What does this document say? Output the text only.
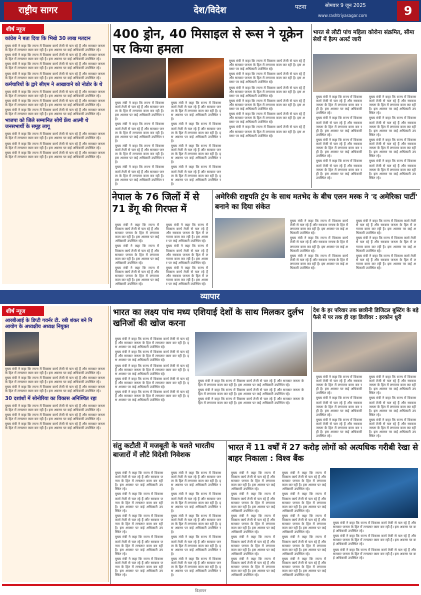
राष्ट्रीय सागर	देश/विदेश	पटना	सोमवार 9 जून 2025
www.rashtriyasagar.com	9
शीर्ष न्यूज
कांग्रेस ने बता दिया कि भिखे 30 लाख मतदान
मुख्य मंत्री ने कहा कि राज्य में विकास कार्य तेजी से चल रहे हैं और सरकार जनता के हित में लगातार काम कर रही है। इस अवसर पर कई अधिकारी उपस्थित रहे।
मुख्य मंत्री ने कहा कि राज्य में विकास कार्य तेजी से चल रहे हैं और सरकार जनता के हित में लगातार काम कर रही है। इस अवसर पर कई अधिकारी उपस्थित रहे।
मुख्य मंत्री ने कहा कि राज्य में विकास कार्य तेजी से चल रहे हैं और सरकार जनता के हित में लगातार काम कर रही है। इस अवसर पर कई अधिकारी उपस्थित रहे।
मुख्य मंत्री ने कहा कि राज्य में विकास कार्य तेजी से चल रहे हैं और सरकार जनता के हित में लगातार काम कर रही है। इस अवसर पर कई अधिकारी उपस्थित रहे।
कर्मचारियों के द्वारे सीएम ने आखावाने को नोडोर के थे
मुख्य मंत्री ने कहा कि राज्य में विकास कार्य तेजी से चल रहे हैं और सरकार जनता के हित में लगातार काम कर रही है। इस अवसर पर कई अधिकारी उपस्थित रहे।
मुख्य मंत्री ने कहा कि राज्य में विकास कार्य तेजी से चल रहे हैं और सरकार जनता के हित में लगातार काम कर रही है। इस अवसर पर कई अधिकारी उपस्थित रहे।
मुख्य मंत्री ने कहा कि राज्य में विकास कार्य तेजी से चल रहे हैं और सरकार जनता के हित में लगातार काम कर रही है। इस अवसर पर कई अधिकारी उपस्थित रहे।
भाजपा को जिले सम्मानित सोचें फ्रेंच आत्मी थे जनसभार्थी के समूह लागू
मुख्य मंत्री ने कहा कि राज्य में विकास कार्य तेजी से चल रहे हैं और सरकार जनता के हित में लगातार काम कर रही है। इस अवसर पर कई अधिकारी उपस्थित रहे।
मुख्य मंत्री ने कहा कि राज्य में विकास कार्य तेजी से चल रहे हैं और सरकार जनता के हित में लगातार काम कर रही है। इस अवसर पर कई अधिकारी उपस्थित रहे।
मुख्य मंत्री ने कहा कि राज्य में विकास कार्य तेजी से चल रहे हैं और सरकार जनता के हित में लगातार काम कर रही है। इस अवसर पर कई अधिकारी उपस्थित रहे।
400 ड्रोन, 40 मिसाइल से रूस ने यूक्रेन पर किया हमला
मुख्य मंत्री ने कहा कि राज्य में विकास कार्य तेजी से चल रहे हैं और सरकार जनता के हित में लगातार काम कर रही है। इस अवसर पर कई अधिकारी उपस्थित रहे।
मुख्य मंत्री ने कहा कि राज्य में विकास कार्य तेजी से चल रहे हैं और सरकार जनता के हित में लगातार काम कर रही है। इस अवसर पर कई अधिकारी उपस्थित रहे।
मुख्य मंत्री ने कहा कि राज्य में विकास कार्य तेजी से चल रहे हैं और सरकार जनता के हित में लगातार काम कर रही है। इस अवसर पर कई अधिकारी उपस्थित रहे।
मुख्य मंत्री ने कहा कि राज्य में विकास कार्य तेजी से चल रहे हैं और सरकार जनता के हित में लगातार काम कर रही है। इस अवसर पर कई अधिकारी उपस्थित रहे।
मुख्य मंत्री ने कहा कि राज्य में विकास कार्य तेजी से चल रहे हैं और सरकार जनता के हित में लगातार काम कर रही है। इस अवसर पर कई अधिकारी उपस्थित रहे।
मुख्य मंत्री ने कहा कि राज्य में विकास कार्य तेजी से चल रहे हैं और सरकार जनता के हित में लगातार काम कर रही है। इस अवसर पर कई अधिकारी उपस्थित रहे।
मुख्य मंत्री ने कहा कि राज्य में विकास कार्य तेजी से चल रहे हैं और सरकार जनता के हित में लगातार काम कर रही है। इस अवसर पर कई अधिकारी उपस्थित रहे।
मुख्य मंत्री ने कहा कि राज्य में विकास कार्य तेजी से चल रहे हैं और सरकार जनता के हित में लगातार काम कर रही है। इस अवसर पर कई अधिकारी उपस्थित रहे।
मुख्य मंत्री ने कहा कि राज्य में विकास कार्य तेजी से चल रहे हैं और सरकार जनता के हित में लगातार काम कर रही है। इस अवसर पर कई अधिकारी उपस्थित रहे।
मुख्य मंत्री ने कहा कि राज्य में विकास कार्य तेजी से चल रहे हैं और सरकार जनता के हित में लगातार काम कर रही है। इस अवसर पर कई अधिकारी उपस्थित रहे।
मुख्य मंत्री ने कहा कि राज्य में विकास कार्य तेजी से चल रहे हैं और सरकार जनता के हित में लगातार काम कर रही है। इस अवसर पर कई अधिकारी उपस्थित रहे।
मुख्य मंत्री ने कहा कि राज्य में विकास कार्य तेजी से चल रहे हैं और सरकार जनता के हित में लगातार काम कर रही है। इस अवसर पर कई अधिकारी उपस्थित रहे।
मुख्य मंत्री ने कहा कि राज्य में विकास कार्य तेजी से चल रहे हैं और सरकार जनता के हित में लगातार काम कर रही है। इस अवसर पर कई अधिकारी उपस्थित रहे।
मुख्य मंत्री ने कहा कि राज्य में विकास कार्य तेजी से चल रहे हैं और सरकार जनता के हित में लगातार काम कर रही है। इस अवसर पर कई अधिकारी उपस्थित रहे।
भारत से लौटी पांच महिला कोरोना संक्रमित, सीमा सेवों में हैल्प अलर्ट जारी
मुख्य मंत्री ने कहा कि राज्य में विकास कार्य तेजी से चल रहे हैं और सरकार जनता के हित में लगातार काम कर रही है। इस अवसर पर कई अधिकारी उपस्थित रहे।
मुख्य मंत्री ने कहा कि राज्य में विकास कार्य तेजी से चल रहे हैं और सरकार जनता के हित में लगातार काम कर रही है। इस अवसर पर कई अधिकारी उपस्थित रहे।
मुख्य मंत्री ने कहा कि राज्य में विकास कार्य तेजी से चल रहे हैं और सरकार जनता के हित में लगातार काम कर रही है। इस अवसर पर कई अधिकारी उपस्थित रहे।
मुख्य मंत्री ने कहा कि राज्य में विकास कार्य तेजी से चल रहे हैं और सरकार जनता के हित में लगातार काम कर रही है। इस अवसर पर कई अधिकारी उपस्थित रहे।
मुख्य मंत्री ने कहा कि राज्य में विकास कार्य तेजी से चल रहे हैं और सरकार जनता के हित में लगातार काम कर रही है। इस अवसर पर कई अधिकारी उपस्थित रहे।
मुख्य मंत्री ने कहा कि राज्य में विकास कार्य तेजी से चल रहे हैं और सरकार जनता के हित में लगातार काम कर रही है। इस अवसर पर कई अधिकारी उपस्थित रहे।
मुख्य मंत्री ने कहा कि राज्य में विकास कार्य तेजी से चल रहे हैं और सरकार जनता के हित में लगातार काम कर रही है। इस अवसर पर कई अधिकारी उपस्थित रहे।
मुख्य मंत्री ने कहा कि राज्य में विकास कार्य तेजी से चल रहे हैं और सरकार जनता के हित में लगातार काम कर रही है। इस अवसर पर कई अधिकारी उपस्थित रहे।
नेपाल के 76 जिलों में से 71 डेंगू की गिरफ्त में
मुख्य मंत्री ने कहा कि राज्य में विकास कार्य तेजी से चल रहे हैं और सरकार जनता के हित में लगातार काम कर रही है। इस अवसर पर कई अधिकारी उपस्थित रहे।
मुख्य मंत्री ने कहा कि राज्य में विकास कार्य तेजी से चल रहे हैं और सरकार जनता के हित में लगातार काम कर रही है। इस अवसर पर कई अधिकारी उपस्थित रहे।
मुख्य मंत्री ने कहा कि राज्य में विकास कार्य तेजी से चल रहे हैं और सरकार जनता के हित में लगातार काम कर रही है। इस अवसर पर कई अधिकारी उपस्थित रहे।
मुख्य मंत्री ने कहा कि राज्य में विकास कार्य तेजी से चल रहे हैं और सरकार जनता के हित में लगातार काम कर रही है। इस अवसर पर कई अधिकारी उपस्थित रहे।
मुख्य मंत्री ने कहा कि राज्य में विकास कार्य तेजी से चल रहे हैं और सरकार जनता के हित में लगातार काम कर रही है। इस अवसर पर कई अधिकारी उपस्थित रहे।
मुख्य मंत्री ने कहा कि राज्य में विकास कार्य तेजी से चल रहे हैं और सरकार जनता के हित में लगातार काम कर रही है। इस अवसर पर कई अधिकारी उपस्थित रहे।
अमेरिकी राष्ट्रपति ट्रंप के साथ मतभेद के बीच एलन मस्क ने 'द अमेरिका पार्टी' बनाने का दिया संकेत
मुख्य मंत्री ने कहा कि राज्य में विकास कार्य तेजी से चल रहे हैं और सरकार जनता के हित में लगातार काम कर रही है। इस अवसर पर कई अधिकारी उपस्थित रहे।
मुख्य मंत्री ने कहा कि राज्य में विकास कार्य तेजी से चल रहे हैं और सरकार जनता के हित में लगातार काम कर रही है। इस अवसर पर कई अधिकारी उपस्थित रहे।
मुख्य मंत्री ने कहा कि राज्य में विकास कार्य तेजी से चल रहे हैं और सरकार जनता के हित में लगातार काम कर रही है। इस अवसर पर कई अधिकारी उपस्थित रहे।
मुख्य मंत्री ने कहा कि राज्य में विकास कार्य तेजी से चल रहे हैं और सरकार जनता के हित में लगातार काम कर रही है। इस अवसर पर कई अधिकारी उपस्थित रहे।
मुख्य मंत्री ने कहा कि राज्य में विकास कार्य तेजी से चल रहे हैं और सरकार जनता के हित में लगातार काम कर रही है। इस अवसर पर कई अधिकारी उपस्थित रहे।
मुख्य मंत्री ने कहा कि राज्य में विकास कार्य तेजी से चल रहे हैं और सरकार जनता के हित में लगातार काम कर रही है। इस अवसर पर कई अधिकारी उपस्थित रहे।
व्यापार
शीर्ष न्यूज
आरबीआई के डिप्टी गवर्नर टी. रबी शंकर बने नि आयोग के अध्यक्षीय अध्यक्ष नियुक्त
मुख्य मंत्री ने कहा कि राज्य में विकास कार्य तेजी से चल रहे हैं और सरकार जनता के हित में लगातार काम कर रही है। इस अवसर पर कई अधिकारी उपस्थित रहे।
मुख्य मंत्री ने कहा कि राज्य में विकास कार्य तेजी से चल रहे हैं और सरकार जनता के हित में लगातार काम कर रही है। इस अवसर पर कई अधिकारी उपस्थित रहे।
मुख्य मंत्री ने कहा कि राज्य में विकास कार्य तेजी से चल रहे हैं और सरकार जनता के हित में लगातार काम कर रही है। इस अवसर पर कई अधिकारी उपस्थित रहे।
30 दशांशों में सोनोरिया का विकास अनिश्चित रहा
मुख्य मंत्री ने कहा कि राज्य में विकास कार्य तेजी से चल रहे हैं और सरकार जनता के हित में लगातार काम कर रही है। इस अवसर पर कई अधिकारी उपस्थित रहे।
मुख्य मंत्री ने कहा कि राज्य में विकास कार्य तेजी से चल रहे हैं और सरकार जनता के हित में लगातार काम कर रही है। इस अवसर पर कई अधिकारी उपस्थित रहे।
मुख्य मंत्री ने कहा कि राज्य में विकास कार्य तेजी से चल रहे हैं और सरकार जनता के हित में लगातार काम कर रही है। इस अवसर पर कई अधिकारी उपस्थित रहे।
भारत का लक्ष्य पांच मध्य एशियाई देशों के साथ मिलकर दुर्लभ खनिजों की खोज करना
मुख्य मंत्री ने कहा कि राज्य में विकास कार्य तेजी से चल रहे हैं और सरकार जनता के हित में लगातार काम कर रही है। इस अवसर पर कई अधिकारी उपस्थित रहे।
मुख्य मंत्री ने कहा कि राज्य में विकास कार्य तेजी से चल रहे हैं और सरकार जनता के हित में लगातार काम कर रही है। इस अवसर पर कई अधिकारी उपस्थित रहे।
मुख्य मंत्री ने कहा कि राज्य में विकास कार्य तेजी से चल रहे हैं और सरकार जनता के हित में लगातार काम कर रही है। इस अवसर पर कई अधिकारी उपस्थित रहे।
मुख्य मंत्री ने कहा कि राज्य में विकास कार्य तेजी से चल रहे हैं और सरकार जनता के हित में लगातार काम कर रही है। इस अवसर पर कई अधिकारी उपस्थित रहे।
मुख्य मंत्री ने कहा कि राज्य में विकास कार्य तेजी से चल रहे हैं और सरकार जनता के हित में लगातार काम कर रही है। इस अवसर पर कई अधिकारी उपस्थित रहे।
मुख्य मंत्री ने कहा कि राज्य में विकास कार्य तेजी से चल रहे हैं और सरकार जनता के हित में लगातार काम कर रही है। इस अवसर पर कई अधिकारी उपस्थित रहे।
मुख्य मंत्री ने कहा कि राज्य में विकास कार्य तेजी से चल रहे हैं और सरकार जनता के हित में लगातार काम कर रही है। इस अवसर पर कई अधिकारी उपस्थित रहे।
मुख्य मंत्री ने कहा कि राज्य में विकास कार्य तेजी से चल रहे हैं और सरकार जनता के हित में लगातार काम कर रही है। इस अवसर पर कई अधिकारी उपस्थित रहे।
देश के हर परिवार तक छात्रीनी डिजिटल बूस्टिंग के बड़े फैसे में पर तक ही रहा डिजीवर : इरकोन धुरी
मुख्य मंत्री ने कहा कि राज्य में विकास कार्य तेजी से चल रहे हैं और सरकार जनता के हित में लगातार काम कर रही है। इस अवसर पर कई अधिकारी उपस्थित रहे।
मुख्य मंत्री ने कहा कि राज्य में विकास कार्य तेजी से चल रहे हैं और सरकार जनता के हित में लगातार काम कर रही है। इस अवसर पर कई अधिकारी उपस्थित रहे।
मुख्य मंत्री ने कहा कि राज्य में विकास कार्य तेजी से चल रहे हैं और सरकार जनता के हित में लगातार काम कर रही है। इस अवसर पर कई अधिकारी उपस्थित रहे।
मुख्य मंत्री ने कहा कि राज्य में विकास कार्य तेजी से चल रहे हैं और सरकार जनता के हित में लगातार काम कर रही है। इस अवसर पर कई अधिकारी उपस्थित रहे।
मुख्य मंत्री ने कहा कि राज्य में विकास कार्य तेजी से चल रहे हैं और सरकार जनता के हित में लगातार काम कर रही है। इस अवसर पर कई अधिकारी उपस्थित रहे।
मुख्य मंत्री ने कहा कि राज्य में विकास कार्य तेजी से चल रहे हैं और सरकार जनता के हित में लगातार काम कर रही है। इस अवसर पर कई अधिकारी उपस्थित रहे।
संतु कटौती में मजबूती के चलते भारतीय बाजारों में लौटे विदेशी निवेशक
मुख्य मंत्री ने कहा कि राज्य में विकास कार्य तेजी से चल रहे हैं और सरकार जनता के हित में लगातार काम कर रही है। इस अवसर पर कई अधिकारी उपस्थित रहे।
मुख्य मंत्री ने कहा कि राज्य में विकास कार्य तेजी से चल रहे हैं और सरकार जनता के हित में लगातार काम कर रही है। इस अवसर पर कई अधिकारी उपस्थित रहे।
मुख्य मंत्री ने कहा कि राज्य में विकास कार्य तेजी से चल रहे हैं और सरकार जनता के हित में लगातार काम कर रही है। इस अवसर पर कई अधिकारी उपस्थित रहे।
मुख्य मंत्री ने कहा कि राज्य में विकास कार्य तेजी से चल रहे हैं और सरकार जनता के हित में लगातार काम कर रही है। इस अवसर पर कई अधिकारी उपस्थित रहे।
मुख्य मंत्री ने कहा कि राज्य में विकास कार्य तेजी से चल रहे हैं और सरकार जनता के हित में लगातार काम कर रही है। इस अवसर पर कई अधिकारी उपस्थित रहे।
मुख्य मंत्री ने कहा कि राज्य में विकास कार्य तेजी से चल रहे हैं और सरकार जनता के हित में लगातार काम कर रही है। इस अवसर पर कई अधिकारी उपस्थित रहे।
मुख्य मंत्री ने कहा कि राज्य में विकास कार्य तेजी से चल रहे हैं और सरकार जनता के हित में लगातार काम कर रही है। इस अवसर पर कई अधिकारी उपस्थित रहे।
मुख्य मंत्री ने कहा कि राज्य में विकास कार्य तेजी से चल रहे हैं और सरकार जनता के हित में लगातार काम कर रही है। इस अवसर पर कई अधिकारी उपस्थित रहे।
मुख्य मंत्री ने कहा कि राज्य में विकास कार्य तेजी से चल रहे हैं और सरकार जनता के हित में लगातार काम कर रही है। इस अवसर पर कई अधिकारी उपस्थित रहे।
मुख्य मंत्री ने कहा कि राज्य में विकास कार्य तेजी से चल रहे हैं और सरकार जनता के हित में लगातार काम कर रही है। इस अवसर पर कई अधिकारी उपस्थित रहे।
भारत में 11 वर्षों में 27 करोड़ लोगों को अत्यधिक गरीबी रेखा से बाहर निकाला : विश्व बैंक
मुख्य मंत्री ने कहा कि राज्य में विकास कार्य तेजी से चल रहे हैं और सरकार जनता के हित में लगातार काम कर रही है। इस अवसर पर कई अधिकारी उपस्थित रहे।
मुख्य मंत्री ने कहा कि राज्य में विकास कार्य तेजी से चल रहे हैं और सरकार जनता के हित में लगातार काम कर रही है। इस अवसर पर कई अधिकारी उपस्थित रहे।
मुख्य मंत्री ने कहा कि राज्य में विकास कार्य तेजी से चल रहे हैं और सरकार जनता के हित में लगातार काम कर रही है। इस अवसर पर कई अधिकारी उपस्थित रहे।
मुख्य मंत्री ने कहा कि राज्य में विकास कार्य तेजी से चल रहे हैं और सरकार जनता के हित में लगातार काम कर रही है। इस अवसर पर कई अधिकारी उपस्थित रहे।
मुख्य मंत्री ने कहा कि राज्य में विकास कार्य तेजी से चल रहे हैं और सरकार जनता के हित में लगातार काम कर रही है। इस अवसर पर कई अधिकारी उपस्थित रहे।
मुख्य मंत्री ने कहा कि राज्य में विकास कार्य तेजी से चल रहे हैं और सरकार जनता के हित में लगातार काम कर रही है। इस अवसर पर कई अधिकारी उपस्थित रहे।
मुख्य मंत्री ने कहा कि राज्य में विकास कार्य तेजी से चल रहे हैं और सरकार जनता के हित में लगातार काम कर रही है। इस अवसर पर कई अधिकारी उपस्थित रहे।
मुख्य मंत्री ने कहा कि राज्य में विकास कार्य तेजी से चल रहे हैं और सरकार जनता के हित में लगातार काम कर रही है। इस अवसर पर कई अधिकारी उपस्थित रहे।
मुख्य मंत्री ने कहा कि राज्य में विकास कार्य तेजी से चल रहे हैं और सरकार जनता के हित में लगातार काम कर रही है। इस अवसर पर कई अधिकारी उपस्थित रहे।
मुख्य मंत्री ने कहा कि राज्य में विकास कार्य तेजी से चल रहे हैं और सरकार जनता के हित में लगातार काम कर रही है। इस अवसर पर कई अधिकारी उपस्थित रहे।
मुख्य मंत्री ने कहा कि राज्य में विकास कार्य तेजी से चल रहे हैं और सरकार जनता के हित में लगातार काम कर रही है। इस अवसर पर कई अधिकारी उपस्थित रहे।
मुख्य मंत्री ने कहा कि राज्य में विकास कार्य तेजी से चल रहे हैं और सरकार जनता के हित में लगातार काम कर रही है। इस अवसर पर कई अधिकारी उपस्थित रहे।
मुख्य मंत्री ने कहा कि राज्य में विकास कार्य तेजी से चल रहे हैं और सरकार जनता के हित में लगातार काम कर रही है। इस अवसर पर कई अधिकारी उपस्थित रहे।
विज्ञापन
